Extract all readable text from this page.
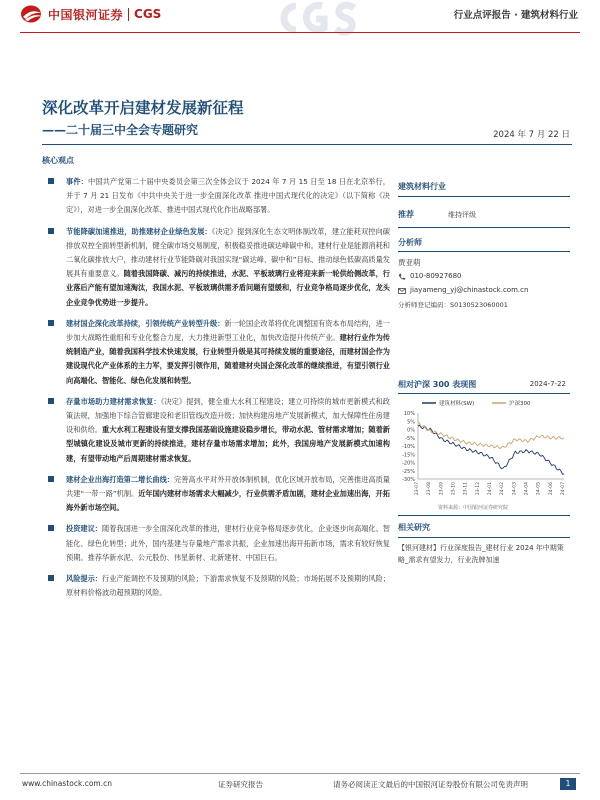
中国银河证券 CGS	行业点评报告 · 建筑材料行业
深化改革开启建材发展新征程
——二十届三中全会专题研究	2024 年 7 月 22 日
核心观点
事件：中国共产党第二十届中央委员会第三次全体会议于 2024 年 7 月 15 日至 18 日在北京举行，并于 7 月 21 日发布《中共中央关于进一步全面深化改革 推进中国式现代化的决定》（以下简称《决定》），对进一步全面深化改革、推进中国式现代化作出战略部署。
节能降碳加速推进，助推建材企业绿色发展：《决定》提到深化生态文明体制改革，建立能耗双控向碳排放双控全面转型新机制，健全碳市场交易制度，积极稳妥推进碳达峰碳中和。建材行业是能源消耗和二氧化碳排放大户，推动建材行业节能降碳对我国实现“碳达峰、碳中和”目标、推动绿色低碳高质量发展具有重要意义。随着我国降碳、减污的持续推进，水泥、平板玻璃行业将迎来新一轮供给侧改革，行业落后产能有望加速淘汰，我国水泥、平板玻璃供需矛盾问题有望缓和，行业竞争格局逐步优化，龙头企业竞争优势进一步提升。
建材国企深化改革持续，引领传统产业转型升级：新一轮国企改革将优化调整国有资本布局结构，进一步加大战略性重组和专业化整合力度，大力推进新型工业化，加快改造提升传统产业。建材行业作为传统制造产业，随着我国科学技术快速发展，行业转型升级是其可持续发展的重要途径，而建材国企作为建设现代化产业体系的主力军，要发挥引领作用，随着建材央国企深化改革的继续推进，有望引领行业向高端化、智能化、绿色化发展和转型。
存量市场助力建材需求恢复：《决定》提到，健全重大水利工程建设；建立可持续的城市更新模式和政策法规，加强地下综合管廊建设和老旧管线改造升级；加快构建房地产发展新模式，加大保障性住房建设和供给。重大水利工程建设有望支撑我国基础设施建设稳步增长，带动水泥、管材需求增加；随着新型城镇化建设及城市更新的持续推进，建材存量市场需求增加；此外，我国房地产发展新模式加速构建，有望带动地产后周期建材需求恢复。
建材企业出海打造第二增长曲线：完善高水平对外开放体制机制，优化区域开放布局，完善推进高质量共建“一带一路”机制。近年国内建材市场需求大幅减少，行业供需矛盾加剧，建材企业加速出海，开拓海外新市场空间。
投资建议：随着我国进一步全面深化改革的推进，建材行业竞争格局逐步优化，企业逐步向高端化、智能化、绿色化转型；此外，国内基建与存量地产需求共振，企业加速出海开拓新市场，需求有较好恢复预期。推荐华新水泥、公元股份、伟星新材、北新建材、中国巨石。
风险提示：行业产能调控不及预期的风险；下游需求恢复不及预期的风险；市场拓展不及预期的风险；原材料价格波动超预期的风险。
建筑材料行业
推荐	维持评级
分析师
贾亚萌
010-80927680
jiayameng_yj@chinastock.com.cn
分析师登记编码：S0130523060001
相对沪深 300 表现图	2024-7-22
建筑材料(SW)	沪深300
10%
5%
0%
-5%
-10%
-15%
-20%
-25%
-30%
23-07 23-08 23-09 23-10 23-11 23-12 24-01 24-02 24-03 24-04 24-05 24-06 24-07
资料来源：中国银河证券研究院
相关研究
【银河建材】行业深度报告_建材行业 2024 年中期策略_需求有望发力，行业洗牌加速
www.chinastock.com.cn	证券研究报告	请务必阅读正文最后的中国银河证券股份有限公司免责声明	1
